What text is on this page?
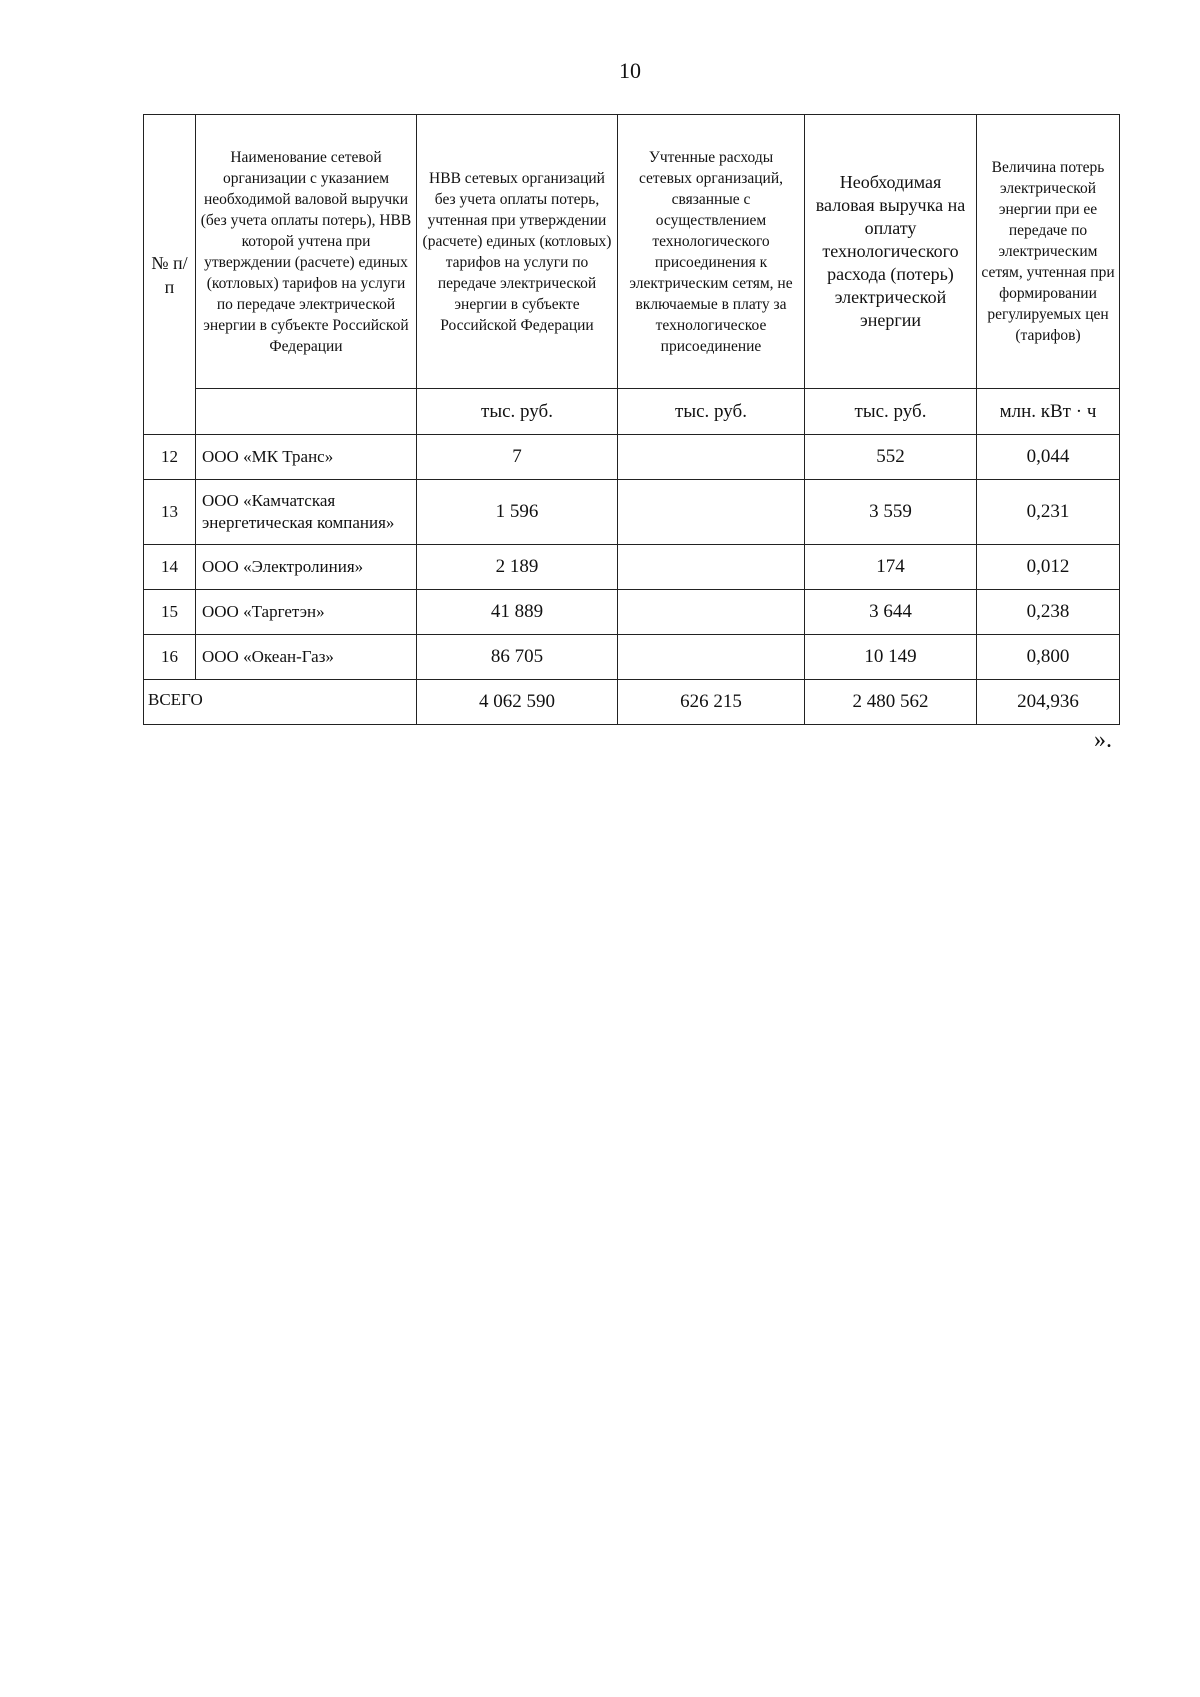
10
№ п/п	Наименование сетевой организации с указанием необходимой валовой выручки (без учета оплаты потерь), НВВ которой учтена при утверждении (расчете) единых (котловых) тарифов на услуги по передаче электрической энергии в субъекте Российской Федерации	НВВ сетевых организаций без учета оплаты потерь, учтенная при утверждении (расчете) единых (котловых) тарифов на услуги по передаче электрической энергии в субъекте Российской Федерации	Учтенные расходы сетевых организаций, связанные с осуществлением технологического присоединения к электрическим сетям, не включаемые в плату за технологическое присоединение	Необходимая валовая выручка на оплату технологического расхода (потерь) электрической энергии	Величина потерь электрической энергии при ее передаче по электрическим сетям, учтенная при формировании регулируемых цен (тарифов)
		тыс. руб.	тыс. руб.	тыс. руб.	млн. кВт · ч
12	ООО «МК Транс»	7		552	0,044
13	ООО «Камчатская энергетическая компания»	1 596		3 559	0,231
14	ООО «Электролиния»	2 189		174	0,012
15	ООО «Таргетэн»	41 889		3 644	0,238
16	ООО «Океан-Газ»	86 705		10 149	0,800
ВСЕГО		4 062 590	626 215	2 480 562	204,936
».
